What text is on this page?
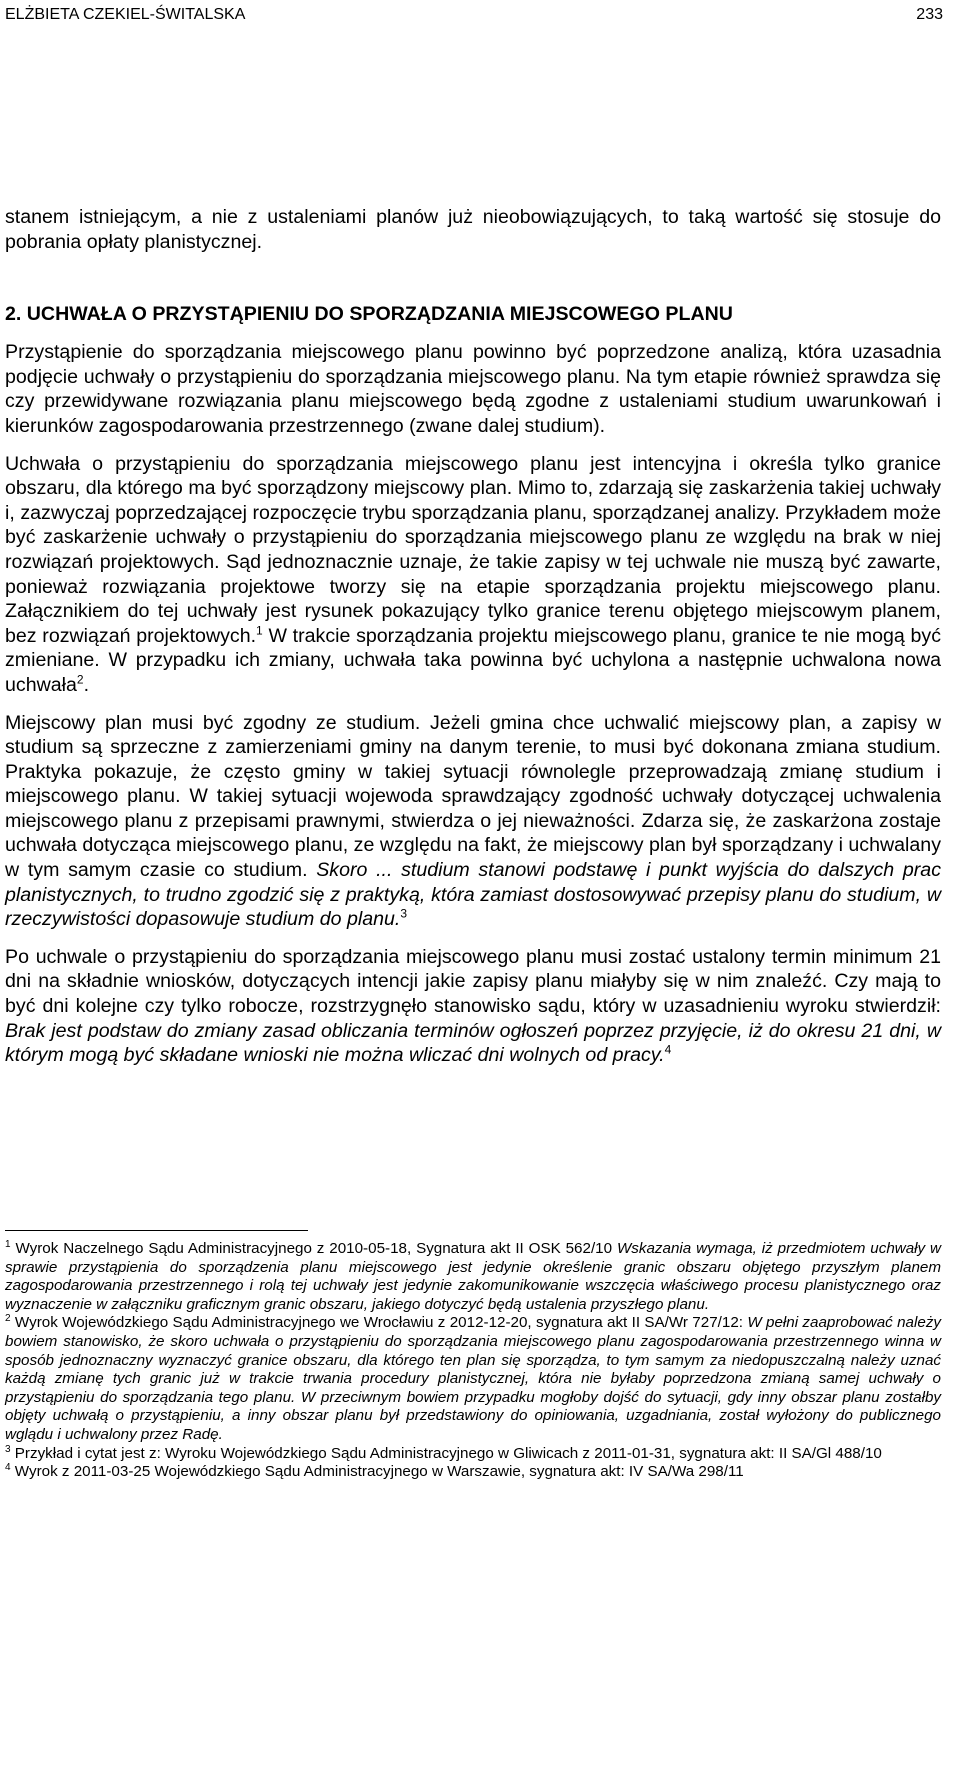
ELŻBIETA CZEKIEL-ŚWITALSKA	233

stanem istniejącym, a nie z ustaleniami planów już nieobowiązujących, to taką wartość się stosuje do pobrania opłaty planistycznej.

2. UCHWAŁA O PRZYSTĄPIENIU DO SPORZĄDZANIA MIEJSCOWEGO PLANU

Przystąpienie do sporządzania miejscowego planu powinno być poprzedzone analizą, która uzasadnia podjęcie uchwały o przystąpieniu do sporządzania miejscowego planu. Na tym etapie również sprawdza się czy przewidywane rozwiązania planu miejscowego będą zgodne z ustaleniami studium uwarunkowań i kierunków zagospodarowania przestrzennego (zwane dalej studium).

Uchwała o przystąpieniu do sporządzania miejscowego planu jest intencyjna i określa tylko granice obszaru, dla którego ma być sporządzony miejscowy plan. Mimo to, zdarzają się zaskarżenia takiej uchwały i, zazwyczaj poprzedzającej rozpoczęcie trybu sporządzania planu, sporządzanej analizy. Przykładem może być zaskarżenie uchwały o przystąpieniu do sporządzania miejscowego planu ze względu na brak w niej rozwiązań projektowych. Sąd jednoznacznie uznaje, że takie zapisy w tej uchwale nie muszą być zawarte, ponieważ rozwiązania projektowe tworzy się na etapie sporządzania projektu miejscowego planu. Załącznikiem do tej uchwały jest rysunek pokazujący tylko granice terenu objętego miejscowym planem, bez rozwiązań projektowych.$^1$ W trakcie sporządzania projektu miejscowego planu, granice te nie mogą być zmieniane. W przypadku ich zmiany, uchwała taka powinna być uchylona a następnie uchwalona nowa uchwała$^2$.

Miejscowy plan musi być zgodny ze studium. Jeżeli gmina chce uchwalić miejscowy plan, a zapisy w studium są sprzeczne z zamierzeniami gminy na danym terenie, to musi być dokonana zmiana studium. Praktyka pokazuje, że często gminy w takiej sytuacji równolegle przeprowadzają zmianę studium i miejscowego planu. W takiej sytuacji wojewoda sprawdzający zgodność uchwały dotyczącej uchwalenia miejscowego planu z przepisami prawnymi, stwierdza o jej nieważności. Zdarza się, że zaskarżona zostaje uchwała dotycząca miejscowego planu, ze względu na fakt, że miejscowy plan był sporządzany i uchwalany w tym samym czasie co studium. Skoro ... studium stanowi podstawę i punkt wyjścia do dalszych prac planistycznych, to trudno zgodzić się z praktyką, która zamiast dostosowywać przepisy planu do studium, w rzeczywistości dopasowuje studium do planu.$^3$

Po uchwale o przystąpieniu do sporządzania miejscowego planu musi zostać ustalony termin minimum 21 dni na składnie wniosków, dotyczących intencji jakie zapisy planu miałyby się w nim znaleźć. Czy mają to być dni kolejne czy tylko robocze, rozstrzygnęło stanowisko sądu, który w uzasadnieniu wyroku stwierdził: Brak jest podstaw do zmiany zasad obliczania terminów ogłoszeń poprzez przyjęcie, iż do okresu 21 dni, w którym mogą być składane wnioski nie można wliczać dni wolnych od pracy.$^4$

$^1$ Wyrok Naczelnego Sądu Administracyjnego z 2010-05-18, Sygnatura akt II OSK 562/10 Wskazania wymaga, iż przedmiotem uchwały w sprawie przystąpienia do sporządzenia planu miejscowego jest jedynie określenie granic obszaru objętego przyszłym planem zagospodarowania przestrzennego i rolą tej uchwały jest jedynie zakomunikowanie wszczęcia właściwego procesu planistycznego oraz wyznaczenie w załączniku graficznym granic obszaru, jakiego dotyczyć będą ustalenia przyszłego planu.

$^2$ Wyrok Wojewódzkiego Sądu Administracyjnego we Wrocławiu z 2012-12-20, sygnatura akt II SA/Wr 727/12: W pełni zaaprobować należy bowiem stanowisko, że skoro uchwała o przystąpieniu do sporządzania miejscowego planu zagospodarowania przestrzennego winna w sposób jednoznaczny wyznaczyć granice obszaru, dla którego ten plan się sporządza, to tym samym za niedopuszczalną należy uznać każdą zmianę tych granic już w trakcie trwania procedury planistycznej, która nie byłaby poprzedzona zmianą samej uchwały o przystąpieniu do sporządzania tego planu. W przeciwnym bowiem przypadku mogłoby dojść do sytuacji, gdy inny obszar planu zostałby objęty uchwałą o przystąpieniu, a inny obszar planu był przedstawiony do opiniowania, uzgadniania, został wyłożony do publicznego wglądu i uchwalony przez Radę.

$^3$ Przykład i cytat jest z: Wyroku Wojewódzkiego Sądu Administracyjnego w Gliwicach z 2011-01-31, sygnatura akt: II SA/Gl 488/10

$^4$ Wyrok z 2011-03-25 Wojewódzkiego Sądu Administracyjnego w Warszawie, sygnatura akt: IV SA/Wa 298/11
